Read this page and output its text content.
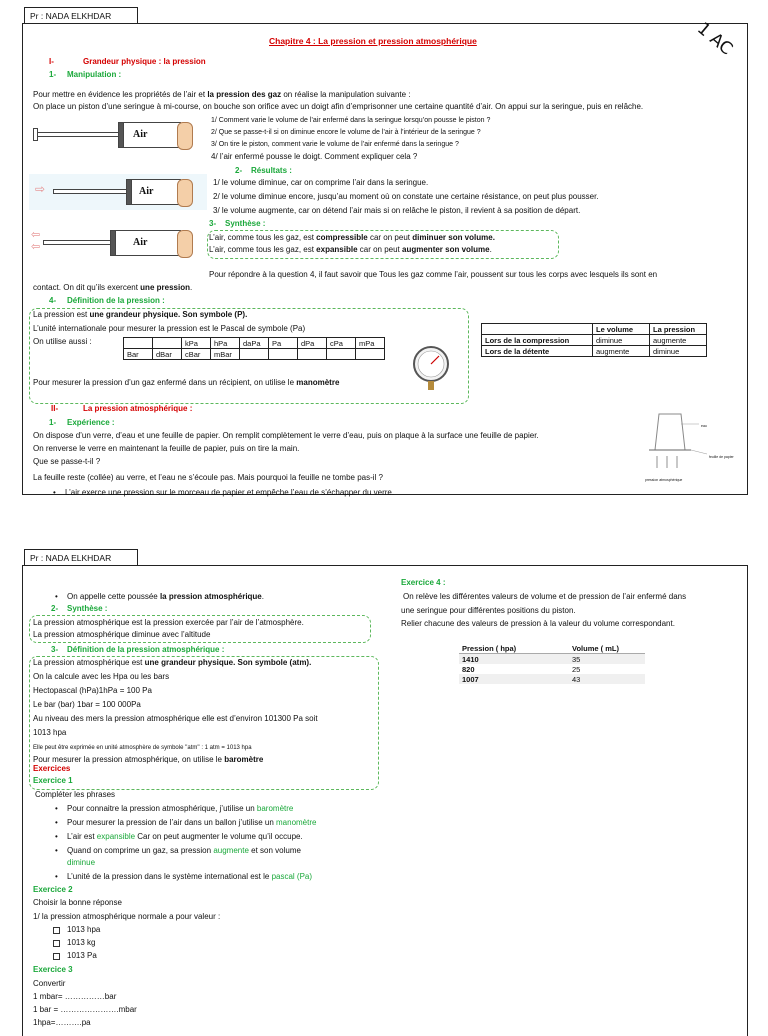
Pr : NADA ELKHDAR
Chapitre 4 : La pression et pression atmosphérique	1 AC
I-	Grandeur physique : la pression
1- Manipulation :
Pour mettre en évidence les propriétés de l’air et la pression des gaz on réalise la manipulation suivante :
On place un piston d’une seringue à mi-course, on bouche son orifice avec un doigt afin d’emprisonner une certaine quantité d’air. On appui sur la seringue, puis en relâche.
Air
⇨	Air
⇦
⇦	Air
1/ Comment varie le volume de l’air enfermé dans la seringue lorsqu’on pousse le piston ?
2/ Que se passe-t-il si on diminue encore le volume de l’air à l’intérieur de la seringue ?
3/ On tire le piston, comment varie le volume de l’air enfermé dans la seringue ?
4/ l’air enfermé pousse le doigt. Comment expliquer cela ?
2- Résultats :
1/ le volume diminue, car on comprime l’air dans la seringue.
2/ le volume diminue encore, jusqu’au moment où on constate une certaine résistance, on peut plus pousser.
3/ le volume augmente, car on détend l’air mais si on relâche le piston, il revient à sa position de départ.
3- Synthèse :
L’air, comme tous les gaz, est compressible car on peut diminuer son volume.
L’air, comme tous les gaz, est expansible car on peut augmenter son volume.
Pour répondre à la question 4, il faut savoir que Tous les gaz comme l’air, poussent sur tous les corps avec lesquels ils sont en
contact. On dit qu’ils exercent une pression.
4- Définition de la pression :
La pression est une grandeur physique. Son symbole (P).
L’unité internationale pour mesurer la pression est le Pascal de symbole (Pa)
On utilise aussi :
			kPa	hPa	daPa	Pa	dPa	cPa	mPa
Bar	dBar	cBar	mBar					
Pour mesurer la pression d’un gaz enfermé dans un récipient, on utilise le manomètre
	Le volume	La pression
Lors de la compression	diminue	augmente
Lors de la détente	augmente	diminue
II-	La pression atmosphérique :
1- Expérience :
On dispose d’un verre, d’eau et une feuille de papier. On remplit complètement le verre d’eau, puis on plaque à la surface une feuille de papier.
On renverse le verre en maintenant la feuille de papier, puis on tire la main.
Que se passe-t-il ?
La feuille reste (collée) au verre, et l’eau ne s’écoule pas. Mais pourquoi la feuille ne tombe pas-il ?
• L’air exerce une pression sur le morceau de papier et empêche l’eau de s’échapper du verre.
eau
feuille de papier
pression atmosphérique
Pr : NADA ELKHDAR
• On appelle cette poussée la pression atmosphérique.
2- Synthèse :
La pression atmosphérique est la pression exercée par l’air de l’atmosphère.
La pression atmosphérique diminue avec l’altitude
3- Définition de la pression atmosphérique :
La pression atmosphérique est une grandeur physique. Son symbole (atm).
On la calcule avec les Hpa ou les bars
Hectopascal (hPa)1hPa = 100 Pa
Le bar (bar) 1bar = 100 000Pa
Au niveau des mers la pression atmosphérique elle est d’environ 101300 Pa soit
1013 hpa
Elle peut être exprimée en unité atmosphère de symbole ''atm'' : 1 atm = 1013 hpa
Pour mesurer la pression atmosphérique, on utilise le baromètre
Exercices
Exercice 1
Compléter les phrases
• Pour connaitre la pression atmosphérique, j’utilise un baromètre
• Pour mesurer la pression de l’air dans un ballon j’utilise un manomètre
• L’air est expansible Car on peut augmenter le volume qu’il occupe.
• Quand on comprime un gaz, sa pression augmente et son volume
diminue
• L’unité de la pression dans le système international est le pascal (Pa)
Exercice 2
Choisir la bonne réponse
1/ la pression atmosphérique normale a pour valeur :
1013 hpa
1013 kg
1013 Pa
Exercice 3
Convertir
1 mbar= ……………bar
1 bar = ………………….mbar
1hpa=……….pa
Exercice 4 :
On relève les différentes valeurs de volume et de pression de l’air enfermé dans
une seringue pour différentes positions du piston.
Relier chacune des valeurs de pression à la valeur du volume correspondant.
Pression ( hpa)	Volume ( mL)
1410	35
820	25
1007	43
